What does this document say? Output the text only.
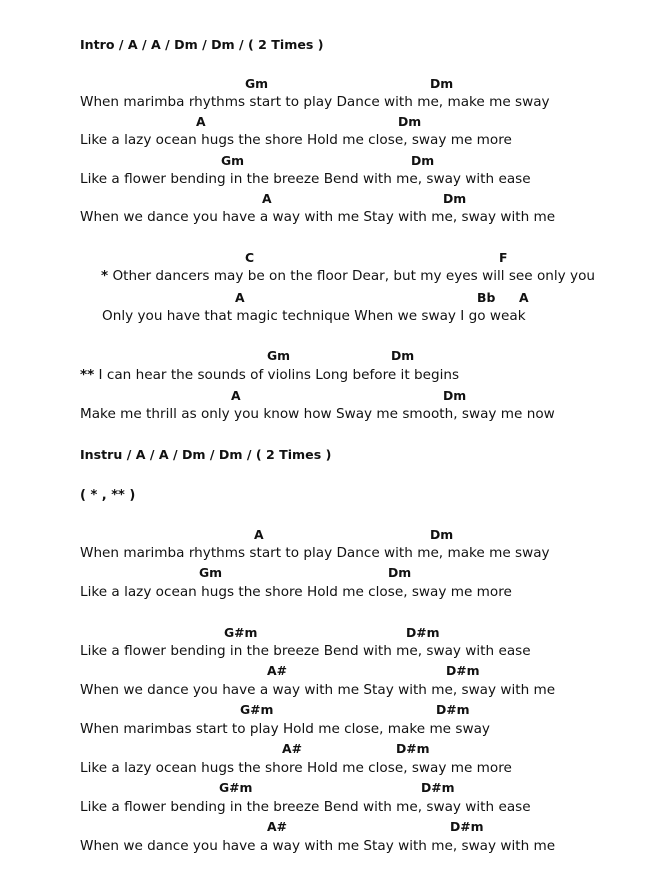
Intro / A / A / Dm / Dm / ( 2 Times )
Gm	Dm
When marimba rhythms start to play Dance with me, make me sway
A	Dm
Like a lazy ocean hugs the shore Hold me close, sway me more
Gm	Dm
Like a flower bending in the breeze Bend with me, sway with ease
A	Dm
When we dance you have a way with me Stay with me, sway with me
C	F
* Other dancers may be on the floor Dear, but my eyes will see only you
A	Bb A
Only you have that magic technique When we sway I go weak
Gm	Dm
** I can hear the sounds of violins Long before it begins
A	Dm
Make me thrill as only you know how Sway me smooth, sway me now
Instru / A / A / Dm / Dm / ( 2 Times )
( * , ** )
A	Dm
When marimba rhythms start to play Dance with me, make me sway
Gm	Dm
Like a lazy ocean hugs the shore Hold me close, sway me more
G#m	D#m
Like a flower bending in the breeze Bend with me, sway with ease
A#	D#m
When we dance you have a way with me Stay with me, sway with me
G#m	D#m
When marimbas start to play Hold me close, make me sway
A#	D#m
Like a lazy ocean hugs the shore Hold me close, sway me more
G#m	D#m
Like a flower bending in the breeze Bend with me, sway with ease
A#	D#m
When we dance you have a way with me Stay with me, sway with me
